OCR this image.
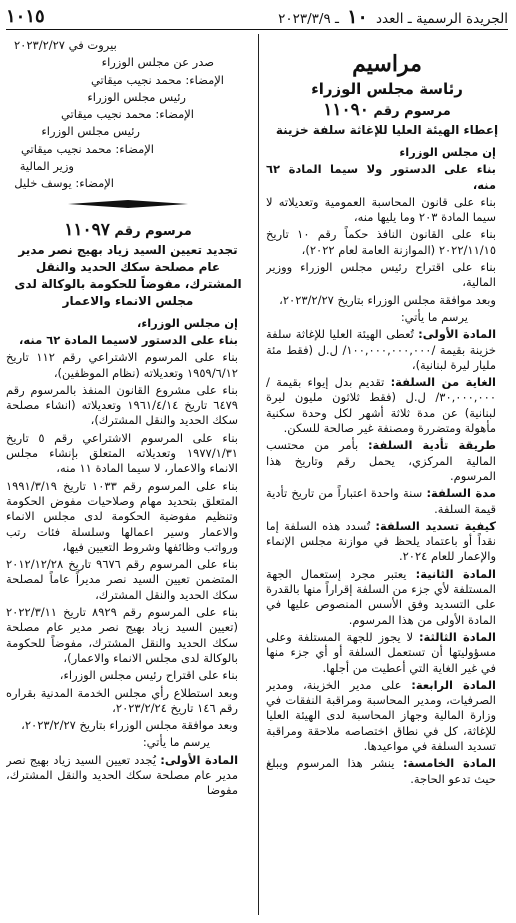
الجريدة الرسمية ـ العدد ١٠ ـ ٢٠٢٣/٣/٩
١٠١٥
مراسيم
رئاسة مجلس الوزراء
مرسوم رقم ١١٠٩٠
إعطاء الهيئة العليا للإغاثة سلفة خزينة

إن مجلس الوزراء

بناء على الدستور ولا سيما المادة ٦٢ منه،

بناء على قانون المحاسبة العمومية وتعديلاته لا سيما المادة ٢٠٣ وما يليها منه،

بناء على القانون النافذ حكماً رقم ١٠ تاريخ ٢٠٢٢/١١/١٥ (الموازنة العامة لعام ٢٠٢٢)،

بناء على اقتراح رئيس مجلس الوزراء ووزير المالية،

وبعد موافقة مجلس الوزراء بتاريخ ٢٠٢٣/٢/٢٧،

يرسم ما يأتي:

المادة الأولى: تُعطى الهيئة العليا للإغاثة سلفة خزينة بقيمة /١٠٠,٠٠٠,٠٠٠,٠٠٠/ ل.ل (فقط مئة مليار ليرة لبنانية)،

الغاية من السلفة: تقديم بدل إيواء بقيمة /٣٠,٠٠٠,٠٠٠/ ل.ل (فقط ثلاثون مليون ليرة لبنانية) عن مدة ثلاثة أشهر لكل وحدة سكنية مأهولة ومتضررة ومصنفة غير صالحة للسكن.

طريقة تأدية السلفة: بأمر من محتسب المالية المركزي، يحمل رقم وتاريخ هذا المرسوم.

مدة السلفة: سنة واحدة اعتباراً من تاريخ تأدية قيمة السلفة.

كيفية تسديد السلفة: تُسدد هذه السلفة إما نقداً أو باعتماد يلحظ في موازنة مجلس الإنماء والإعمار للعام ٢٠٢٤.

المادة الثانية: يعتبر مجرد إستعمال الجهة المستلفة لأي جزء من السلفة إقراراً منها بالقدرة على التسديد وفق الأسس المنصوص عليها في المادة الأولى من هذا المرسوم.

المادة الثالثة: لا يجوز للجهة المستلفة وعلى مسؤوليتها أن تستعمل السلفة أو أي جزء منها في غير الغاية التي أعطيت من أجلها.

المادة الرابعة: على مدير الخزينة، ومدير الصرفيات، ومدير المحاسبة ومراقبة النفقات في وزارة المالية وجهاز المحاسبة لدى الهيئة العليا للإغاثة، كل في نطاق اختصاصه ملاحقة ومراقبة تسديد السلفة في مواعيدها.

المادة الخامسة: ينشر هذا المرسوم ويبلغ حيث تدعو الحاجة.

بيروت في ٢٠٢٣/٢/٢٧

صدر عن مجلس الوزراء

الإمضاء: محمد نجيب ميقاتي

رئيس مجلس الوزراء

الإمضاء: محمد نجيب ميقاتي

رئيس مجلس الوزراء

الإمضاء: محمد نجيب ميقاتي

وزير المالية

الإمضاء: يوسف خليل

مرسوم رقم ١١٠٩٧
تجديد تعيين السيد زياد بهيج نصر مدير عام مصلحة سكك الحديد والنقل المشترك، مفوضاً للحكومة بالوكالة لدى مجلس الانماء والاعمار

إن مجلس الوزراء،

بناء على الدستور لاسيما المادة ٦٢ منه،

بناء على المرسوم الاشتراعي رقم ١١٢ تاريخ ١٩٥٩/٦/١٢ وتعديلاته (نظام الموظفين)،

بناء على مشروع القانون المنفذ بالمرسوم رقم ٦٤٧٩ تاريخ ١٩٦١/٤/١٤ وتعديلاته (انشاء مصلحة سكك الحديد والنقل المشترك)،

بناء على المرسوم الاشتراعي رقم ٥ تاريخ ١٩٧٧/١/٣١ وتعديلاته المتعلق بإنشاء مجلس الانماء والاعمار، لا سيما المادة ١١ منه،

بناء على المرسوم رقم ١٠٣٣ تاريخ ١٩٩١/٣/١٩ المتعلق بتحديد مهام وصلاحيات مفوض الحكومة وتنظيم مفوضية الحكومة لدى مجلس الانماء والاعمار وسير اعمالها وسلسلة فئات رتب ورواتب وظائفها وشروط التعيين فيها،

بناء على المرسوم رقم ٩٦٧٦ تاريخ ٢٠١٢/١٢/٢٨ المتضمن تعيين السيد نصر مديراً عاماً لمصلحة سكك الحديد والنقل المشترك،

بناء على المرسوم رقم ٨٩٢٩ تاريخ ٢٠٢٢/٣/١١ (تعيين السيد زياد بهيج نصر مدير عام مصلحة سكك الحديد والنقل المشترك، مفوضاً للحكومة بالوكالة لدى مجلس الانماء والاعمار)،

بناء على اقتراح رئيس مجلس الوزراء،

وبعد استطلاع رأي مجلس الخدمة المدنية بقراره رقم ١٤٦ تاريخ ٢٠٢٣/٢/٢٤،

وبعد موافقة مجلس الوزراء بتاريخ ٢٠٢٣/٢/٢٧،

يرسم ما يأتي:

المادة الأولى: يُجدد تعيين السيد زياد بهيج نصر مدير عام مصلحة سكك الحديد والنقل المشترك، مفوضا
